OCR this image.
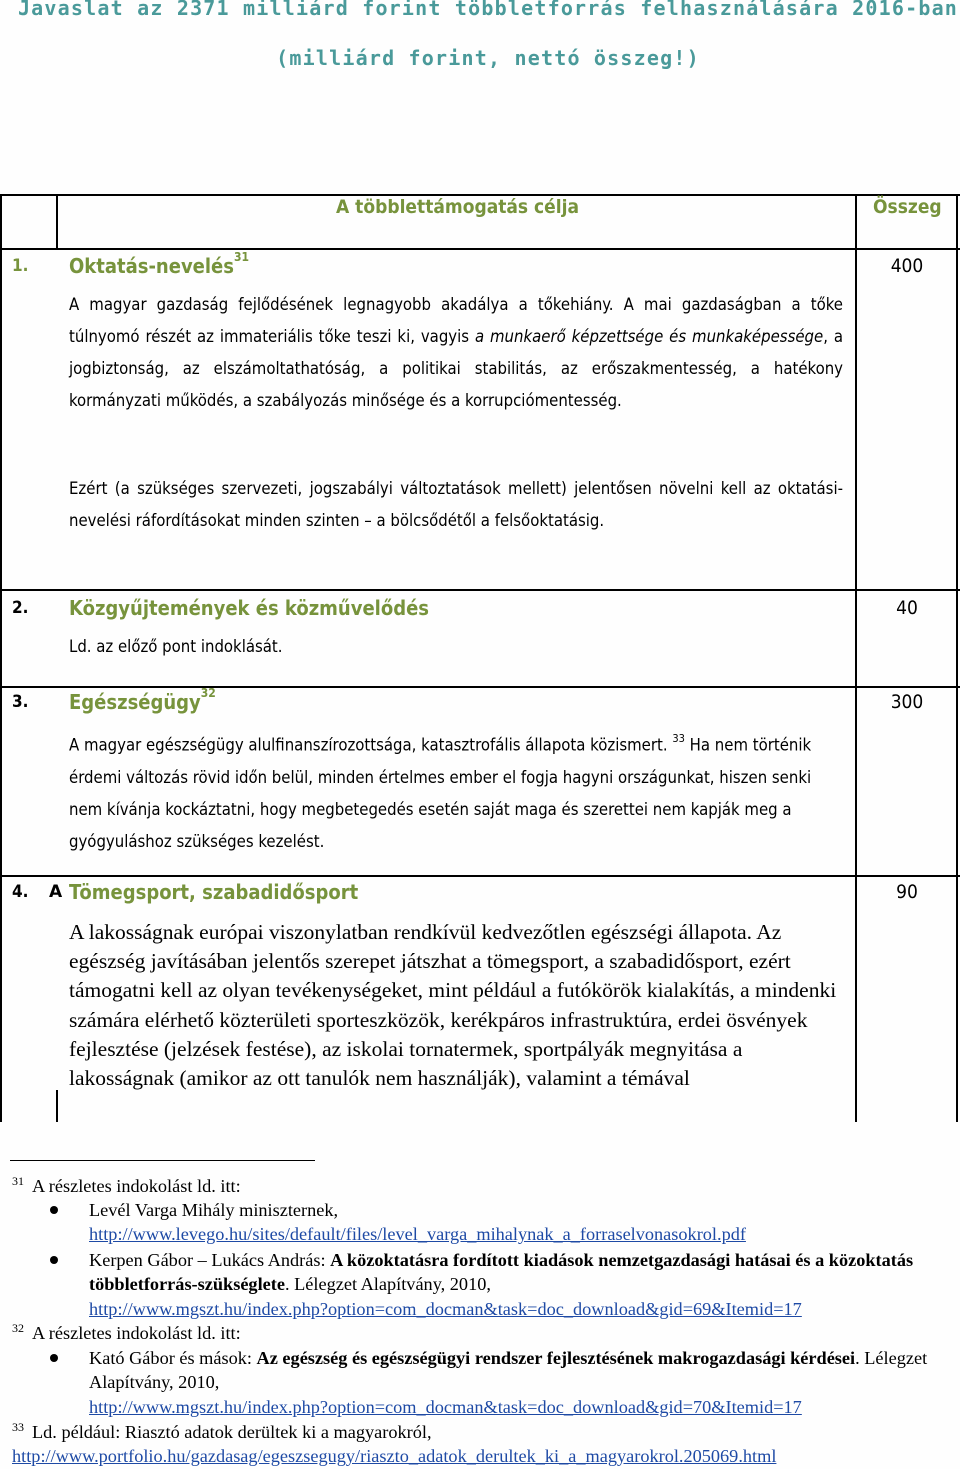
Javaslat az 2371 milliárd forint többletforrás felhasználására 2016-ban
(milliárd forint, nettó összeg!)
A többlettámogatás célja	Összeg
1. Oktatás-nevelés$^{31}$	400

A magyar gazdaság fejlődésének legnagyobb akadálya a tőkehiány. A mai gazdaságban a tőke túlnyomó részét az immateriális tőke teszi ki, vagyis a munkaerő képzettsége és munkaképessége, a jogbiztonság, az elszámoltathatóság, a politikai stabilitás, az erőszakmentesség, a hatékony kormányzati működés, a szabályozás minősége és a korrupciómentesség.

Ezért (a szükséges szervezeti, jogszabályi változtatások mellett) jelentősen növelni kell az oktatási-nevelési ráfordításokat minden szinten – a bölcsődétől a felsőoktatásig.

2. Közgyűjtemények és közművelődés	40

Ld. az előző pont indoklását.

3. Egészségügy$^{32}$	300

A magyar egészségügy alulfinanszírozottsága, katasztrofális állapota közismert. $^{33}$ Ha nem történik érdemi változás rövid időn belül, minden értelmes ember el fogja hagyni országunkat, hiszen senki nem kívánja kockáztatni, hogy megbetegedés esetén saját maga és szerettei nem kapják meg a gyógyuláshoz szükséges kezelést.

4. A Tömegsport, szabadidősport	90

A lakosságnak európai viszonylatban rendkívül kedvezőtlen egészségi állapota. Az egészség javításában jelentős szerepet játszhat a tömegsport, a szabadidősport, ezért támogatni kell az olyan tevékenységeket, mint például a futókörök kialakítás, a mindenki számára elérhető közterületi sporteszközök, kerékpáros infrastruktúra, erdei ösvények fejlesztése (jelzések festése), az iskolai tornatermek, sportpályák megnyitása a lakosságnak (amikor az ott tanulók nem használják), valamint a témával

31 A részletes indokolást ld. itt:
Levél Varga Mihály miniszternek,
http://www.levego.hu/sites/default/files/level_varga_mihalynak_a_forraselvonasokrol.pdf
Kerpen Gábor – Lukács András: A közoktatásra fordított kiadások nemzetgazdasági hatásai és a közoktatás többletforrás-szükséglete. Lélegzet Alapítvány, 2010,
http://www.mgszt.hu/index.php?option=com_docman&task=doc_download&gid=69&Itemid=17
32 A részletes indokolást ld. itt:
Kató Gábor és mások: Az egészség és egészségügyi rendszer fejlesztésének makrogazdasági kérdései. Lélegzet Alapítvány, 2010,
http://www.mgszt.hu/index.php?option=com_docman&task=doc_download&gid=70&Itemid=17
33 Ld. például: Riasztó adatok derültek ki a magyarokról,
http://www.portfolio.hu/gazdasag/egeszsegugy/riaszto_adatok_derultek_ki_a_magyarokrol.205069.html
